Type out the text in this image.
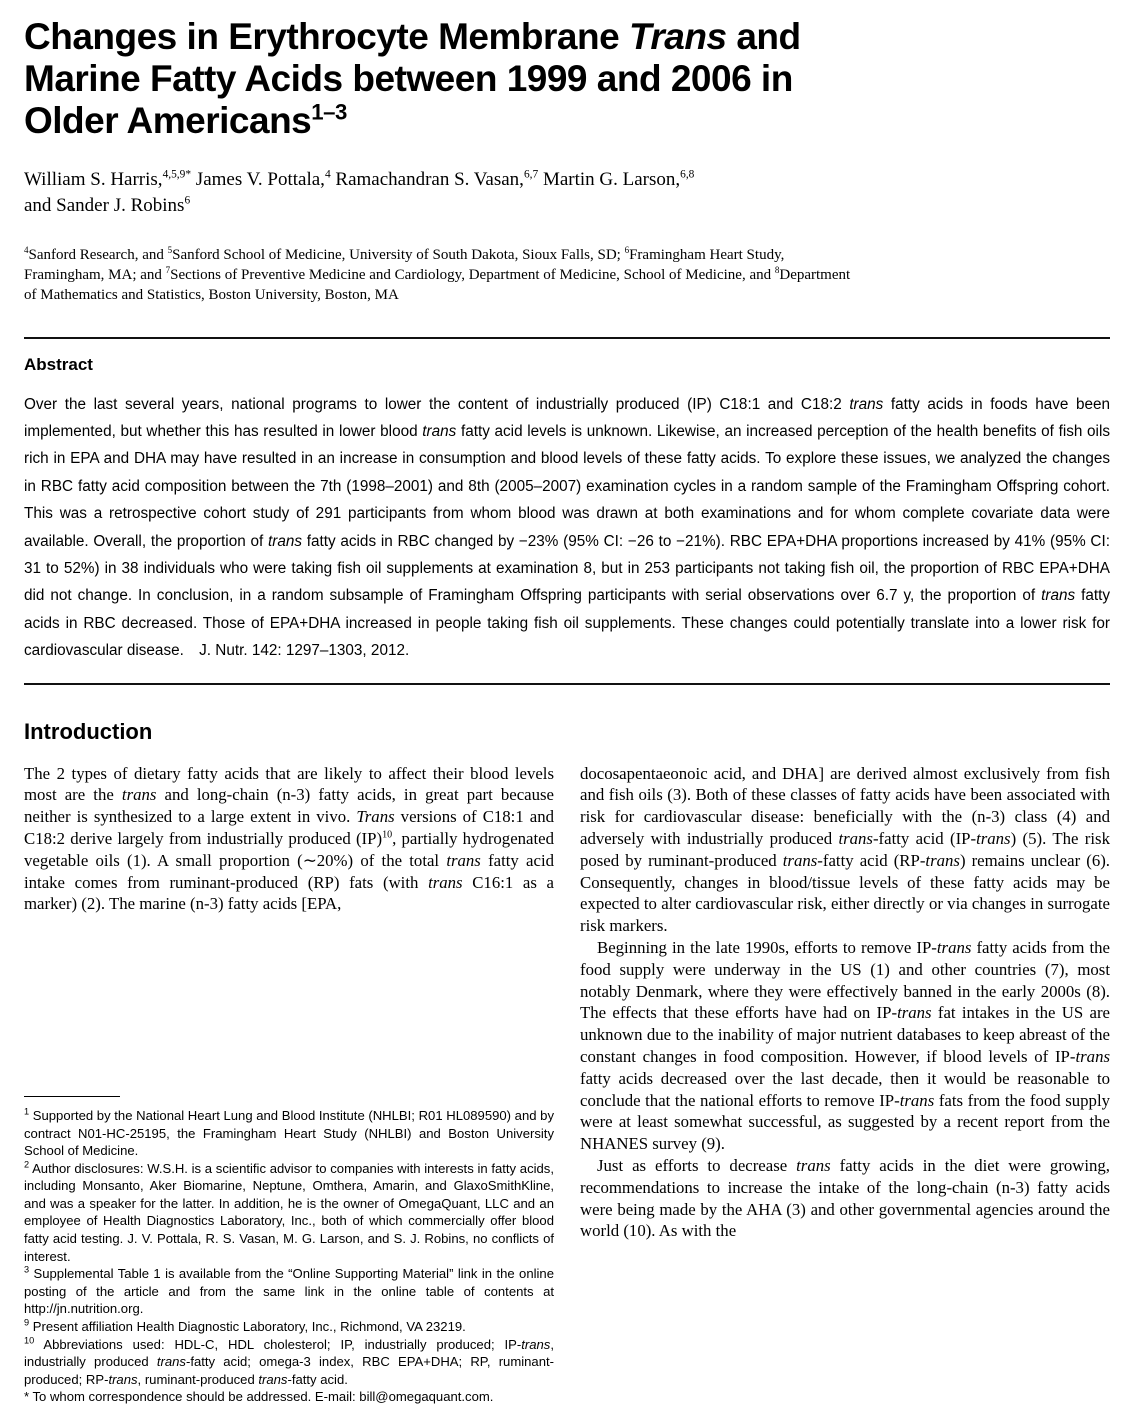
Changes in Erythrocyte Membrane Trans and
Marine Fatty Acids between 1999 and 2006 in
Older Americans$^{1-3}$
William S. Harris,$^{4,5,9*}$ James V. Pottala,$^4$ Ramachandran S. Vasan,$^{6,7}$ Martin G. Larson,$^{6,8}$
and Sander J. Robins$^6$
$^4$Sanford Research, and $^5$Sanford School of Medicine, University of South Dakota, Sioux Falls, SD; $^6$Framingham Heart Study,
Framingham, MA; and $^7$Sections of Preventive Medicine and Cardiology, Department of Medicine, School of Medicine, and $^8$Department
of Mathematics and Statistics, Boston University, Boston, MA
Abstract

Over the last several years, national programs to lower the content of industrially produced (IP) C18:1 and C18:2 trans fatty acids in foods have been implemented, but whether this has resulted in lower blood trans fatty acid levels is unknown. Likewise, an increased perception of the health benefits of fish oils rich in EPA and DHA may have resulted in an increase in consumption and blood levels of these fatty acids. To explore these issues, we analyzed the changes in RBC fatty acid composition between the 7th (1998–2001) and 8th (2005–2007) examination cycles in a random sample of the Framingham Offspring cohort. This was a retrospective cohort study of 291 participants from whom blood was drawn at both examinations and for whom complete covariate data were available. Overall, the proportion of trans fatty acids in RBC changed by −23% (95% CI: −26 to −21%). RBC EPA+DHA proportions increased by 41% (95% CI: 31 to 52%) in 38 individuals who were taking fish oil supplements at examination 8, but in 253 participants not taking fish oil, the proportion of RBC EPA+DHA did not change. In conclusion, in a random subsample of Framingham Offspring participants with serial observations over 6.7 y, the proportion of trans fatty acids in RBC decreased. Those of EPA+DHA increased in people taking fish oil supplements. These changes could potentially translate into a lower risk for cardiovascular disease. J. Nutr. 142: 1297–1303, 2012.

Introduction

The 2 types of dietary fatty acids that are likely to affect their blood levels most are the trans and long-chain (n-3) fatty acids, in great part because neither is synthesized to a large extent in vivo. Trans versions of C18:1 and C18:2 derive largely from industrially produced (IP)$^{10}$, partially hydrogenated vegetable oils (1). A small proportion (∼20%) of the total trans fatty acid intake comes from ruminant-produced (RP) fats (with trans C16:1 as a marker) (2). The marine (n-3) fatty acids [EPA,

$^1$ Supported by the National Heart Lung and Blood Institute (NHLBI; R01 HL089590) and by contract N01-HC-25195, the Framingham Heart Study (NHLBI) and Boston University School of Medicine.

$^2$ Author disclosures: W.S.H. is a scientific advisor to companies with interests in fatty acids, including Monsanto, Aker Biomarine, Neptune, Omthera, Amarin, and GlaxoSmithKline, and was a speaker for the latter. In addition, he is the owner of OmegaQuant, LLC and an employee of Health Diagnostics Laboratory, Inc., both of which commercially offer blood fatty acid testing. J. V. Pottala, R. S. Vasan, M. G. Larson, and S. J. Robins, no conflicts of interest.

$^3$ Supplemental Table 1 is available from the “Online Supporting Material” link in the online posting of the article and from the same link in the online table of contents at http://jn.nutrition.org.

$^9$ Present affiliation Health Diagnostic Laboratory, Inc., Richmond, VA 23219.

$^{10}$ Abbreviations used: HDL-C, HDL cholesterol; IP, industrially produced; IP-trans, industrially produced trans-fatty acid; omega-3 index, RBC EPA+DHA; RP, ruminant-produced; RP-trans, ruminant-produced trans-fatty acid.

* To whom correspondence should be addressed. E-mail: bill@omegaquant.com.

docosapentaeonoic acid, and DHA] are derived almost exclusively from fish and fish oils (3). Both of these classes of fatty acids have been associated with risk for cardiovascular disease: beneficially with the (n-3) class (4) and adversely with industrially produced trans-fatty acid (IP-trans) (5). The risk posed by ruminant-produced trans-fatty acid (RP-trans) remains unclear (6). Consequently, changes in blood/tissue levels of these fatty acids may be expected to alter cardiovascular risk, either directly or via changes in surrogate risk markers.

Beginning in the late 1990s, efforts to remove IP-trans fatty acids from the food supply were underway in the US (1) and other countries (7), most notably Denmark, where they were effectively banned in the early 2000s (8). The effects that these efforts have had on IP-trans fat intakes in the US are unknown due to the inability of major nutrient databases to keep abreast of the constant changes in food composition. However, if blood levels of IP-trans fatty acids decreased over the last decade, then it would be reasonable to conclude that the national efforts to remove IP-trans fats from the food supply were at least somewhat successful, as suggested by a recent report from the NHANES survey (9).

Just as efforts to decrease trans fatty acids in the diet were growing, recommendations to increase the intake of the long-chain (n-3) fatty acids were being made by the AHA (3) and other governmental agencies around the world (10). As with the
